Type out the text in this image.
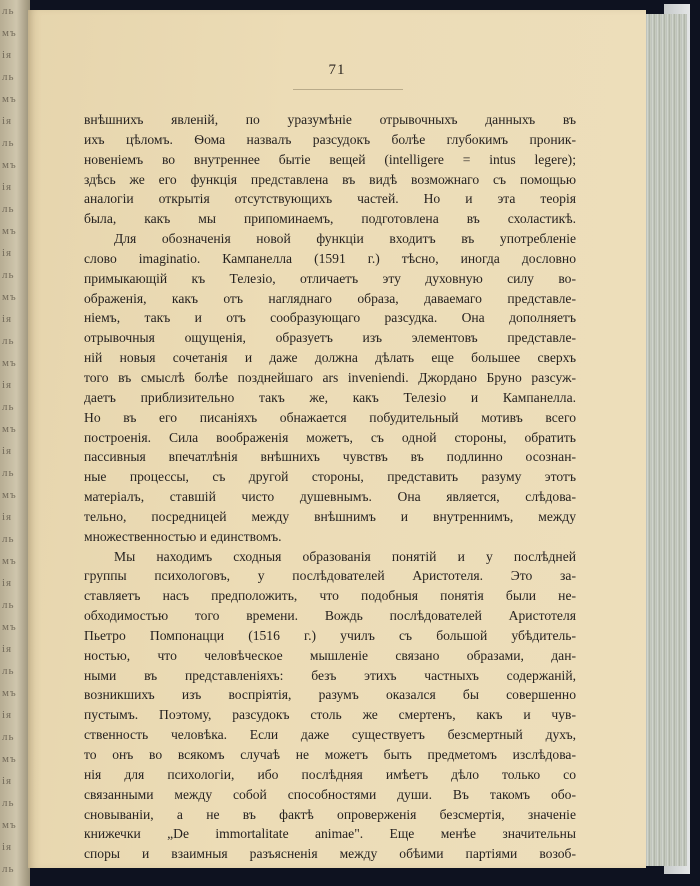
ль
мъ
ія
ль
мъ
ія
ль
мъ
ія
ль
мъ
ія
ль
мъ
ія
ль
мъ
ія
ль
мъ
ія
ль
мъ
ія
ль
мъ
ія
ль
мъ
ія
ль
мъ
ія
ль
мъ
ія
ль
мъ
ія
ль

71
внѣшнихъ явленій, по уразумѣніе отрывочныхъ данныхъ въ
ихъ цѣломъ. Ѳома назвалъ разсудокъ болѣе глубокимъ проник-
новеніемъ во внутреннее бытіе вещей (intelligere = intus legere);
здѣсь же его функція представлена въ видѣ возможнаго съ помощью
аналогіи открытія отсутствующихъ частей. Но и эта теорія
была, какъ мы припоминаемъ, подготовлена въ схоластикѣ.
Для обозначенія новой функціи входитъ въ употребленіе
слово imaginatio. Кампанелла (1591 г.) тѣсно, иногда дословно
примыкающій къ Телезіо, отличаетъ эту духовную силу во-
ображенія, какъ отъ нагляднаго образа, даваемаго представле-
ніемъ, такъ и отъ сообразующаго разсудка. Она дополняетъ
отрывочныя ощущенія, образуетъ изъ элементовъ представле-
ній новыя сочетанія и даже должна дѣлать еще большее сверхъ
того въ смыслѣ болѣе позднейшаго ars inveniendi. Джордано Бруно разсуж-
даетъ приблизительно такъ же, какъ Телезіо и Кампанелла.
Но въ его писаніяхъ обнажается побудительный мотивъ всего
построенія. Сила воображенія можетъ, съ одной стороны, обратить
пассивныя впечатлѣнія внѣшнихъ чувствъ въ подлинно осознан-
ные процессы, съ другой стороны, представить разуму этотъ
матеріалъ, ставшій чисто душевнымъ. Она является, слѣдова-
тельно, посредницей между внѣшнимъ и внутреннимъ, между
множественностью и единствомъ.
Мы находимъ сходныя образованія понятій и у послѣдней
группы психологовъ, у послѣдователей Аристотеля. Это за-
ставляетъ насъ предположить, что подобныя понятія были не-
обходимостью того времени. Вождь послѣдователей Аристотеля
Пьетро Помпонацци (1516 г.) училъ съ большой убѣдитель-
ностью, что человѣческое мышленіе связано образами, дан-
ными въ представленіяхъ: безъ этихъ частныхъ содержаній,
возникшихъ изъ воспріятія, разумъ оказался бы совершенно
пустымъ. Поэтому, разсудокъ столь же смертенъ, какъ и чув-
ственность человѣка. Если даже существуетъ безсмертный духъ,
то онъ во всякомъ случаѣ не можетъ быть предметомъ изслѣдова-
нія для психологіи, ибо послѣдняя имѣетъ дѣло только со
связанными между собой способностями души. Въ такомъ обо-
сновываніи, а не въ фактѣ опроверженія безсмертія, значеніе
книжечки „De immortalitate animae". Еще менѣе значительны
споры и взаимныя разъясненія между обѣими партіями возоб-
